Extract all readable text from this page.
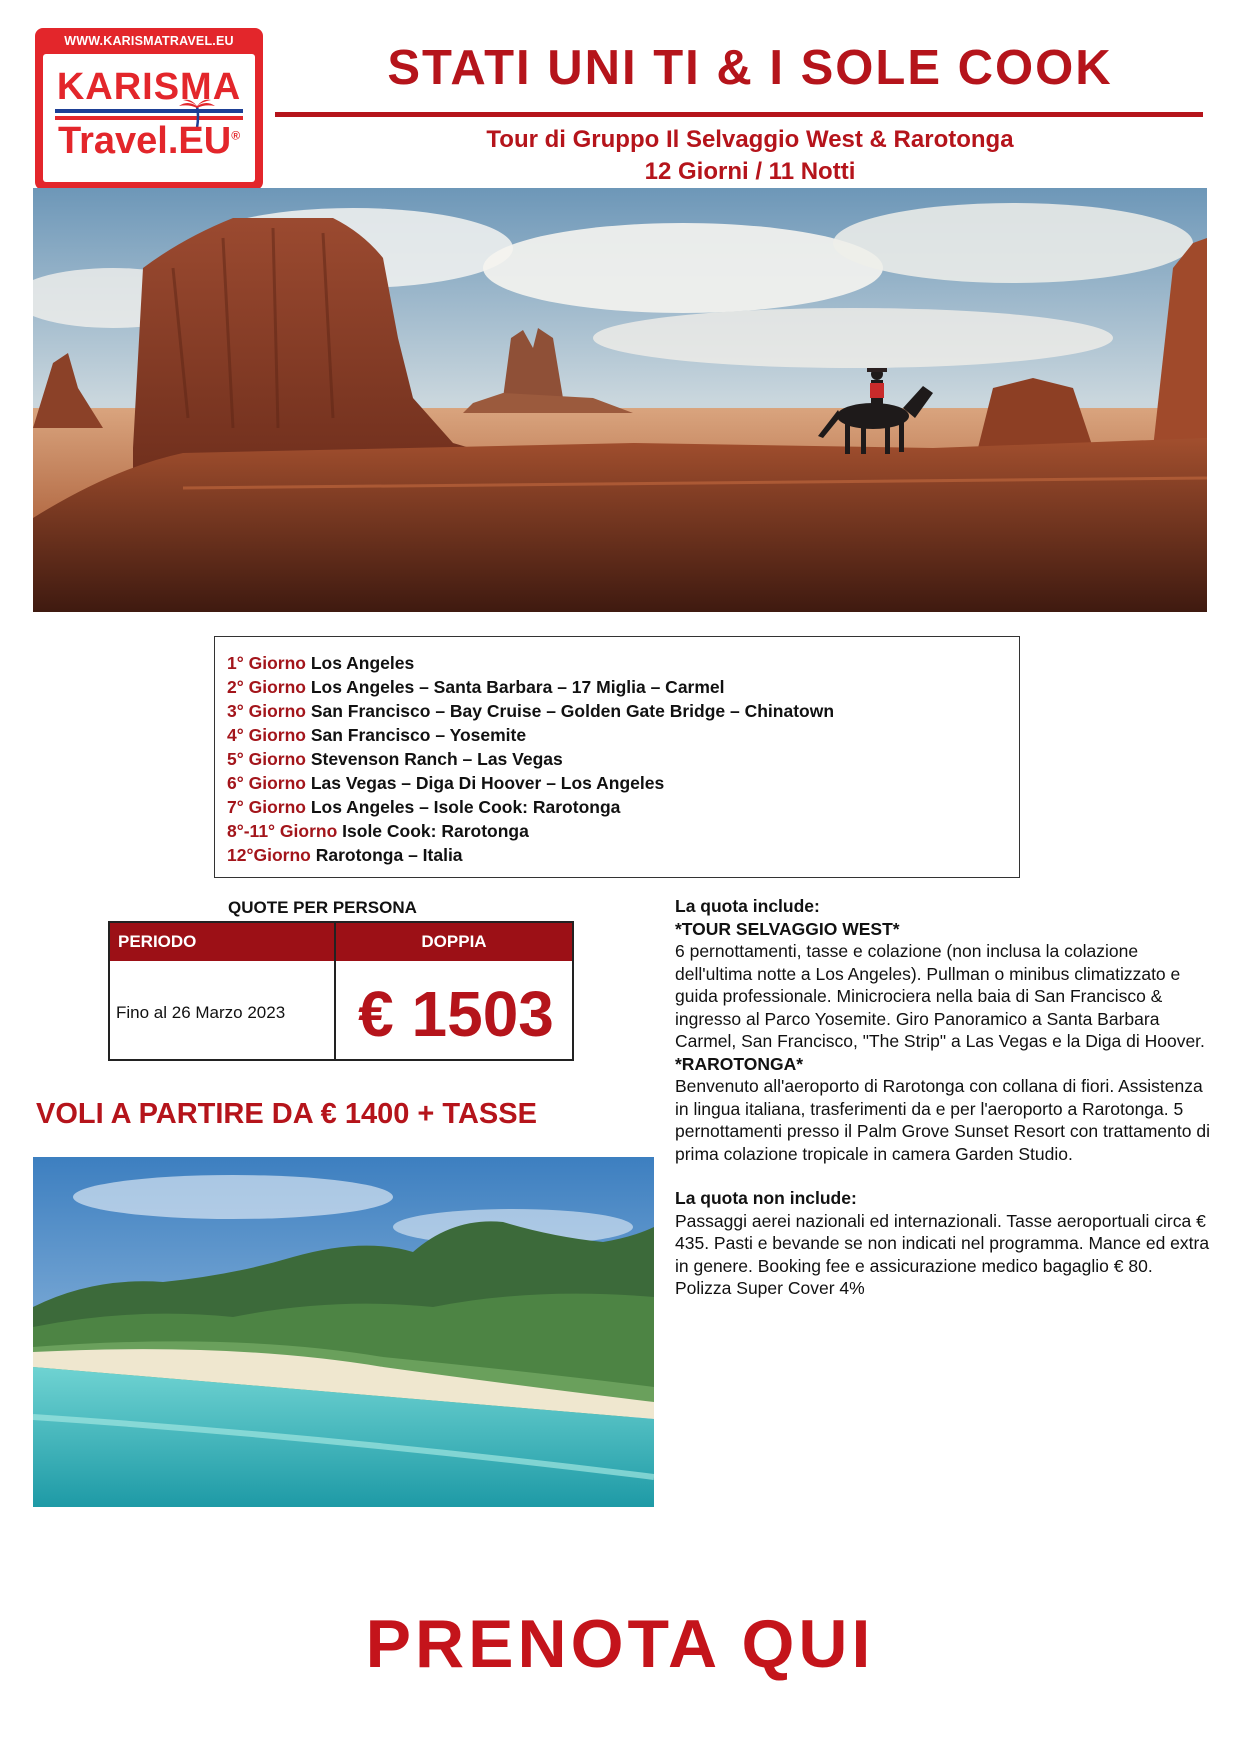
WWW.KARISMATRAVEL.EU
KARISMA
Travel.EU®
STATI UNI TI & I SOLE COOK
Tour di Gruppo Il Selvaggio West & Rarotonga
12 Giorni / 11 Notti
1° Giorno Los Angeles
2° Giorno Los Angeles – Santa Barbara – 17 Miglia – Carmel
3° Giorno San Francisco – Bay Cruise – Golden Gate Bridge – Chinatown
4° Giorno San Francisco – Yosemite
5° Giorno Stevenson Ranch – Las Vegas
6° Giorno Las Vegas – Diga Di Hoover – Los Angeles
7° Giorno Los Angeles – Isole Cook: Rarotonga
8°-11° Giorno Isole Cook: Rarotonga
12°Giorno Rarotonga – Italia
QUOTE PER PERSONA
PERIODO	DOPPIA
Fino al 26 Marzo 2023 € 1503
VOLI A PARTIRE DA € 1400 + TASSE

La quota include:

*TOUR SELVAGGIO WEST*

6 pernottamenti, tasse e colazione (non inclusa la colazione dell'ultima notte a Los Angeles). Pullman o minibus climatizzato e guida professionale. Minicrociera nella baia di San Francisco & ingresso al Parco Yosemite. Giro Panoramico a Santa Barbara Carmel, San Francisco, "The Strip" a Las Vegas e la Diga di Hoover.

*RAROTONGA*

Benvenuto all'aeroporto di Rarotonga con collana di fiori. Assistenza in lingua italiana, trasferimenti da e per l'aeroporto a Rarotonga. 5 pernottamenti presso il Palm Grove Sunset Resort con trattamento di prima colazione tropicale in camera Garden Studio.

La quota non include:

Passaggi aerei nazionali ed internazionali. Tasse aeroportuali circa € 435. Pasti e bevande se non indicati nel programma. Mance ed extra in genere. Booking fee e assicurazione medico bagaglio € 80. Polizza Super Cover 4%

PRENOTA QUI
